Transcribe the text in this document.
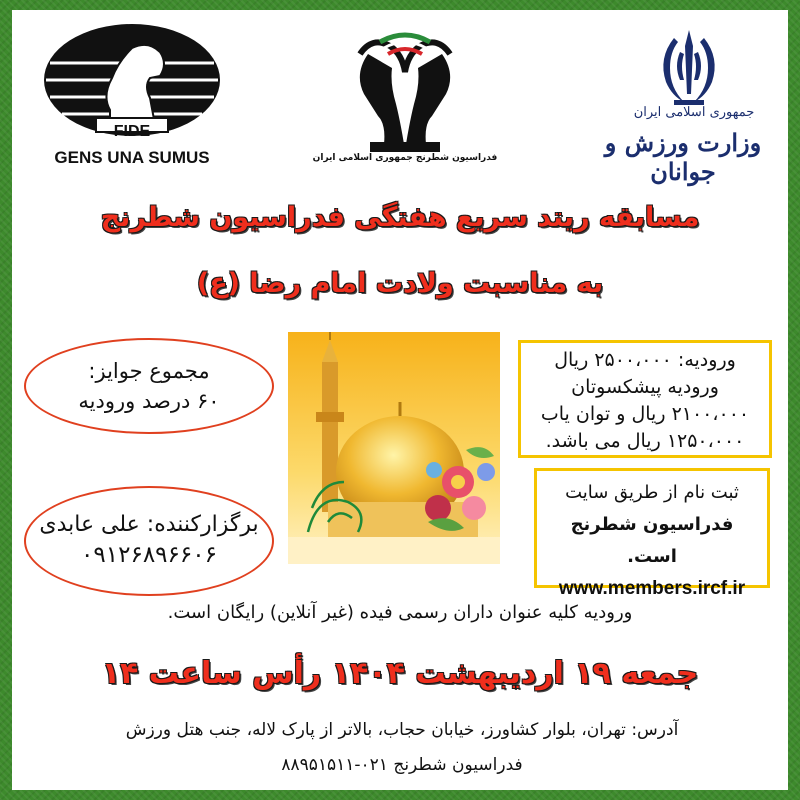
FIDE
GENS UNA SUMUS	فدراسیون شطرنج جمهوری اسلامی ایران
جمهوری اسلامی ایران
وزارت ورزش و جوانان
مسابقه ریتد سریع هفتگی فدراسیون شطرنج
به مناسبت ولادت امام رضا (ع)
مجموع جوایز:
۶۰ درصد ورودیه
برگزارکننده: علی عابدی
۰۹۱۲۶۸۹۶۶۰۶
ورودیه: ۲۵۰۰،۰۰۰ ریال
ورودیه پیشکسوتان
۲۱۰۰،۰۰۰ ریال و توان یاب
۱۲۵۰،۰۰۰ ریال می باشد.
ثبت نام از طریق سایت
فدراسیون شطرنج است.
www.members.ircf.ir
ورودیه کلیه عنوان داران رسمی فیده (غیر آنلاین) رایگان است.
جمعه ۱۹ اردیبهشت ۱۴۰۴ رأس ساعت ۱۴
آدرس: تهران، بلوار کشاورز، خیابان حجاب، بالاتر از پارک لاله، جنب هتل ورزش
فدراسیون شطرنج ۰۲۱-۸۸۹۵۱۵۱۱
